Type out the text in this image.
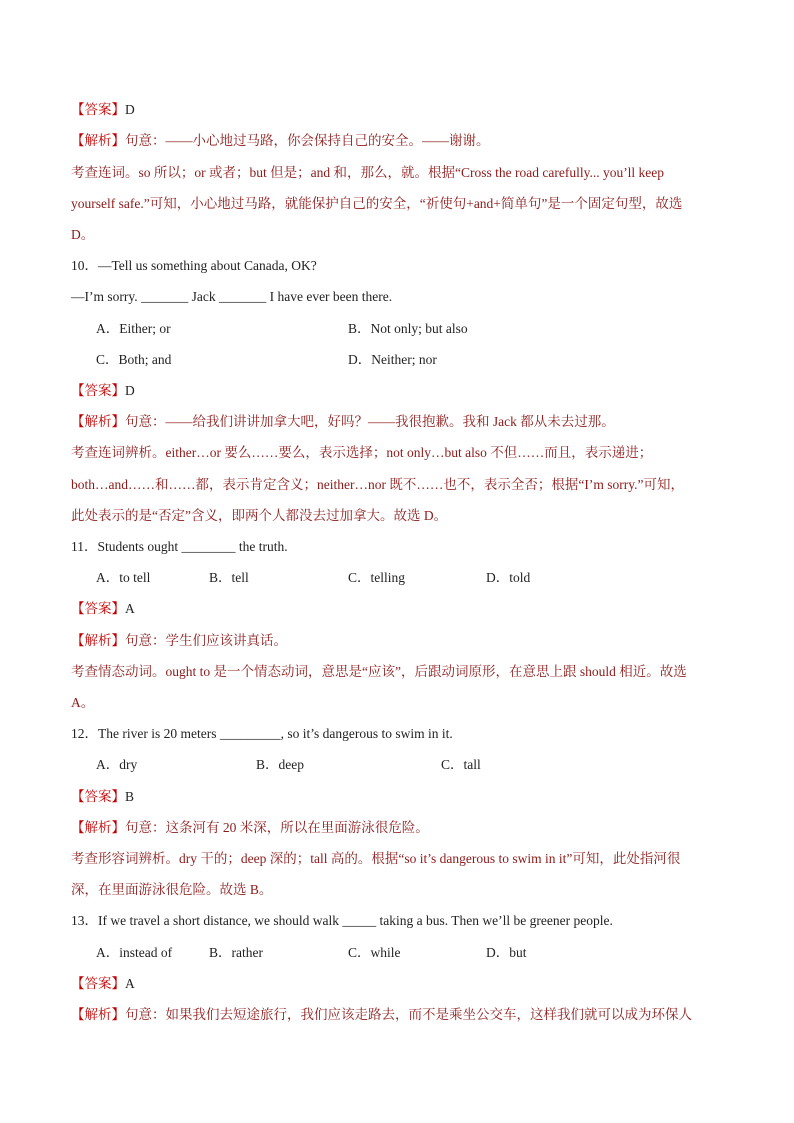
【答案】D
【解析】句意：——小心地过马路，你会保持自己的安全。——谢谢。
考查连词。so 所以；or 或者；but 但是；and 和，那么，就。根据“Cross the road carefully... you’ll keep
yourself safe.”可知，小心地过马路，就能保护自己的安全，“祈使句+and+简单句”是一个固定句型，故选
D。
10．—Tell us something about Canada, OK?
—I’m sorry. _______ Jack _______ I have ever been there.
A．Either; or	B．Not only; but also
C．Both; and	D．Neither; nor
【答案】D
【解析】句意：——给我们讲讲加拿大吧，好吗？——我很抱歉。我和 Jack 都从未去过那。
考查连词辨析。either…or 要么……要么，表示选择；not only…but also 不但……而且，表示递进；
both…and……和……都，表示肯定含义；neither…nor 既不……也不，表示全否；根据“I’m sorry.”可知，
此处表示的是“否定”含义，即两个人都没去过加拿大。故选 D。
11．Students ought ________ the truth.
A．to tell	B．tell	C．telling	D．told
【答案】A
【解析】句意：学生们应该讲真话。
考查情态动词。ought to 是一个情态动词，意思是“应该”，后跟动词原形，在意思上跟 should 相近。故选
A。
12．The river is 20 meters _________, so it’s dangerous to swim in it.
A．dry	B．deep	C．tall
【答案】B
【解析】句意：这条河有 20 米深，所以在里面游泳很危险。
考查形容词辨析。dry 干的；deep 深的；tall 高的。根据“so it’s dangerous to swim in it”可知，此处指河很
深，在里面游泳很危险。故选 B。
13．If we travel a short distance, we should walk _____ taking a bus. Then we’ll be greener people.
A．instead of	B．rather	C．while	D．but
【答案】A
【解析】句意：如果我们去短途旅行，我们应该走路去，而不是乘坐公交车，这样我们就可以成为环保人
